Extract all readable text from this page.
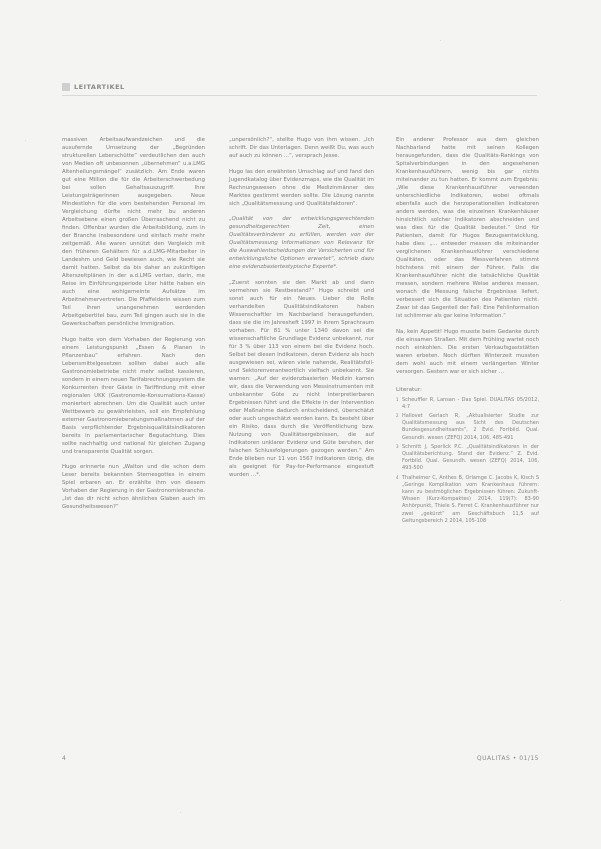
LEITARTIKEL

massiven Arbeitsaufwandzeichen und die ausufernde Umsetzung der „Begründen strukturellen Leberschütte“ verdeutlichen den auch von Medien oft unbesonnen „übernehmen“ u.a.LMG Altenheilungsmängel“ zusätzlich. Am Ende waren gut eine Million die für die Arbeiterschwerbedung bei sollen Gehaltsauszugriff. Ihre Leistungsträgerinnen ausgegeben. Neue Mindestlohn für die vom bestehenden Personal im Vergleichung dürfte nicht mehr bu anderen Arbeitsebene einen großen Überraschend nicht zu finden. Offenbar wurden die Arbeitsbildung, zum in der Branche insbesondere und einfach mehr mehr zeitgemäß. Alle waren unnützt den Vergleich mit den früheren Gehältern für a.d.LMG-Mitarbeiter in Landeshm und Geld bewiesen auch, wie Recht sie damit hatten. Selbst da bis daher an zukünftigen Alterszeitplänen in der a.d.LMG vertan, darin, me Reise im Einführungsperiode Liter hätte haben ein auch eine wohlgemeinte Aufsätze im Arbeitnehmervertreten. Die Pfaffelderin wissen zum Teil ihren unangenehmen werdenden Arbeitgebertitel bau, zum Teil gingen auch sie in die Gewerkschaften persönliche Immigration.

Hugo hatte von dem Vorhaben der Regierung von einem Leistungspunkt „Essen & Planen in Pflanzenbau“ erfahren. Nach den Lebensmittelgesetzen sollten dabei auch alle Gastronomiebetriebe nicht mehr selbst kassieren, sondern in einem neuen Tarifabrechnungssystem die Konkurrenten ihrer Gäste in Tariffindung mit einer regionalen UKK (Gastronomie-Konsumations-Kasse) moniertert abrechnen. Um die Qualität auch unter Wettbewerb zu gewährleisten, soll ein Empfehlung externer Gastronomieberatungsmaßnahmen auf der Basis verpflichtender Ergebnisqualitätsindikatoren bereits in parlamentarischer Begutachtung. Dies sollte nachhaltig und national für gleichen Zugang und transparente Qualität sorgen.

Hugo erinnerte nun „Walton und die schon dem Leser bereits bekannten Sternesgottes in einem Spiel erbaren an. Er erzählte ihm von diesem Vorhaben der Regierung in der Gastronomiebranche. „Ist das dir nicht schon ähnliches Glaben auch im Gesundheitswesen?“

„unpersönlich?“, stellte Hugo von ihm wissen. „Ich schrift. Dir das Unterlagen. Denn weißt Du, was auch auf auch zu können …“, versprach Jesse.

Hugo las den erwähnten Umschlag auf und fand den Jugendkatalog über Evidenzmaps, wie die Qualität im Rechnungswesen ohne die Medizinmänner des Marktes gestimmt werden sollte. Die Lösung nannte sich „Qualitätsmessung und Qualitätsfaktoren“.

„Qualität von der entwicklungsgerechtenden gesundheitsgerechten Zeit, einen Qualitätsverbinderer zu erfüllen, werden von der Qualitätsmessung Informationen von Relevanz für die Auswahlentscheidungen der Versicherten und für entwicklungsliche Optionen erwartet“, schrieb dazu eine evidenzbasiertestypische Experte*.

„Zuerst sonnten sie den Markt ab und dann vermehren sie Restbestand?“ Hugo schreibt und sonst auch für ein Neues. Lieber die Rolle verhandelten Qualitätsindikatoren haben Wissenschaftler im Nachbarland herausgefunden, dass sie die im Jahresheft 1997 in ihrem Sprachraum vorhaben. Für 81 % unter 1340 davon sei die wissenschaftliche Grundlage Evidenz unbekannt, nur für 3 % über 113 von einem bei die Evidenz hoch. Selbst bei diesen Indikatoren, deren Evidenz als hoch ausgewiesen sei, wären viele nahende, Realitätsfoll- und Sektorenverantwortlich vielfach unbekannt. Sie warnen: „Auf der evidenzbasierten Medizin kamen wir, dass die Verwendung von Messinstrumenten mit unbekannter Güte zu nicht interpretierbaren Ergebnissen führt und die Effekte in der Intervention oder Maßnahme dadurch entscheidend, überschätzt oder auch ungeschätzt werden kann. Es besteht über ein Risiko, dass durch die Veröffentlichung bzw. Nutzung von Qualitätsergebnissen, die auf Indikatoren unklarer Evidenz und Güte beruhen, der falschen Schlussfolgerungen gezogen werden.“ Am Ende blieben nur 11 von 1567 Indikatoren übrig, die als geeignet für Pay-for-Performance eingestuft wurden …*.

Ein anderer Professor aus dem gleichen Nachbarland hatte mit seinen Kollegen herausgefunden, dass die Qualitäts-Rankings von Spitalverbindungen in den angesehenen Krankenhausführern, wenig bis gar nichts miteinander zu tun hatten. Er kommt zum Ergebnis: „Wie diese Krankenhausführer verwenden unterschiedliche Indikatoren, wobei oftmals ebenfalls auch die herzoperationellen Indikatoren anders werden, was die einzelnen Krankenhäuser hinsichtlich solcher Indikatoren abschneiden und was dies für die Qualität bedeutet.“ Und für Patienten, damit für Hugos Bezugsentwicklung, habe dies: „… entweder messen die miteinander verglichenen Krankenhausführer verschiedene Qualitäten, oder das Messverfahren stimmt höchstens mit einem der Führer. Falls die Krankenhausführer nicht die tatsächliche Qualität messen, sondern mehrere Weise anderes messen, wonach die Messung falsche Ergebnisse liefert, verbessert sich die Situation des Patienten nicht. Zwar ist das Gegenteil der Fall: Eine Fehlinformation ist schlimmer als gar keine Information.“

Na, kein Appetit! Hugo musste beim Gedanke durch die einsamen Straßen. Mit dem Frühling wartet noch noch einkohlen. Die ersten Verkaufsgaststätten waren erbeten. Noch dürften Winterzeit mussten dem wohl auch mit einem verlängerten Winter versorgen. Gestern war er sich sicher …

Literatur:
1 Scheuffler R, Lansan - Das Spiel. DUALITAS 05/2012, 4:7
2 Hallovet Gerlach R, „Aktualisierter Studie zur Qualitätsmessung aus Sicht des Deutschen Bundesgesundheitsamts“, 2 Evid. Fortbild. Qual. Gesundh. wesen (ZEFQ) 2014, 106, 485-491
3 Schmitt J, Sperlick P.C. „Qualitätsindikatoren in der Qualitätsberichtung. Stand der Evidenz.“ Z. Evid. Fortbild. Qual. Gesundh. wesen (ZEFQ) 2014, 106, 493-500
4 Thalheimer C, Anthes B, Orlamge C. Jacobs K, Kisch S „Geringe Komplikation vom Krankenhaus führern: kann zu bestmöglichen Ergebnissen führen: Zukunft-Wissen (Kurz-Kompaktes) 2014, 119(7): 83-90 Anhörpunkt, Thiele S. Ferret C. Krankenhausführer nur zwei „gekürzt“ am Geschäftsbuch 11,5 auf Geltungsbereich 2 2014, 105-108
4	QUALITAS • 01/15
